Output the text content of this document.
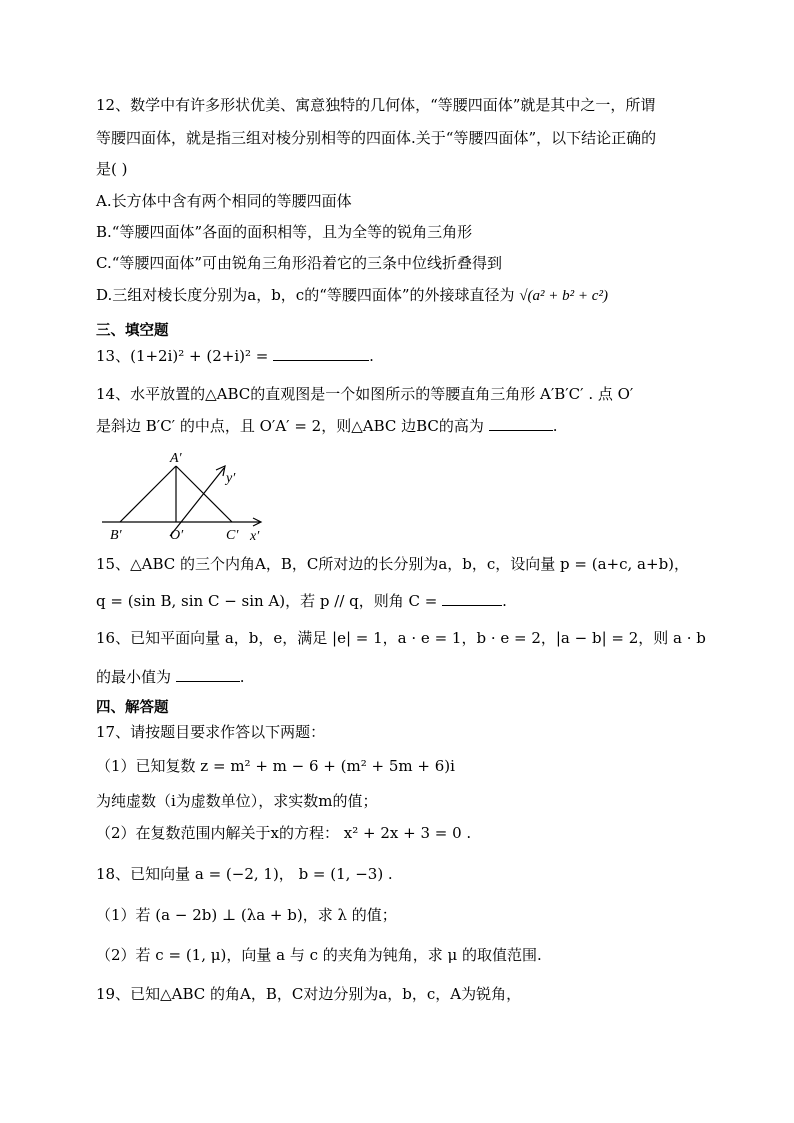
12、数学中有许多形状优美、寓意独特的几何体，“等腰四面体”就是其中之一，所谓
等腰四面体，就是指三组对棱分别相等的四面体.关于“等腰四面体”，以下结论正确的
是( )
A.长方体中含有两个相同的等腰四面体
B.“等腰四面体”各面的面积相等，且为全等的锐角三角形
C.“等腰四面体”可由锐角三角形沿着它的三条中位线折叠得到
D.三组对棱长度分别为a，b，c的“等腰四面体”的外接球直径为 √(a² + b² + c²)
三、填空题
13、(1+2i)² + (2+i)² =	.
14、水平放置的△ABC的直观图是一个如图所示的等腰直角三角形 A′B′C′ . 点 O′
是斜边 B′C′ 的中点，且 O′A′ = 2，则△ABC 边BC的高为	.
A′
B′	O′	C′ x′
y′
15、△ABC 的三个内角A，B，C所对边的长分别为a，b，c，设向量 p = (a+c, a+b)，
q = (sin B, sin C − sin A)，若 p // q，则角 C =	.
16、已知平面向量 a，b，e，满足 |e| = 1，a · e = 1，b · e = 2，|a − b| = 2，则 a · b
的最小值为	.
四、解答题
17、请按题目要求作答以下两题：
（1）已知复数 z = m² + m − 6 + (m² + 5m + 6)i
为纯虚数（i为虚数单位），求实数m的值；
（2）在复数范围内解关于x的方程： x² + 2x + 3 = 0 .
18、已知向量 a = (−2, 1)， b = (1, −3) .
（1）若 (a − 2b) ⊥ (λa + b)，求 λ 的值；
（2）若 c = (1, μ)，向量 a 与 c 的夹角为钝角，求 μ 的取值范围.
19、已知△ABC 的角A，B，C对边分别为a，b，c，A为锐角，
